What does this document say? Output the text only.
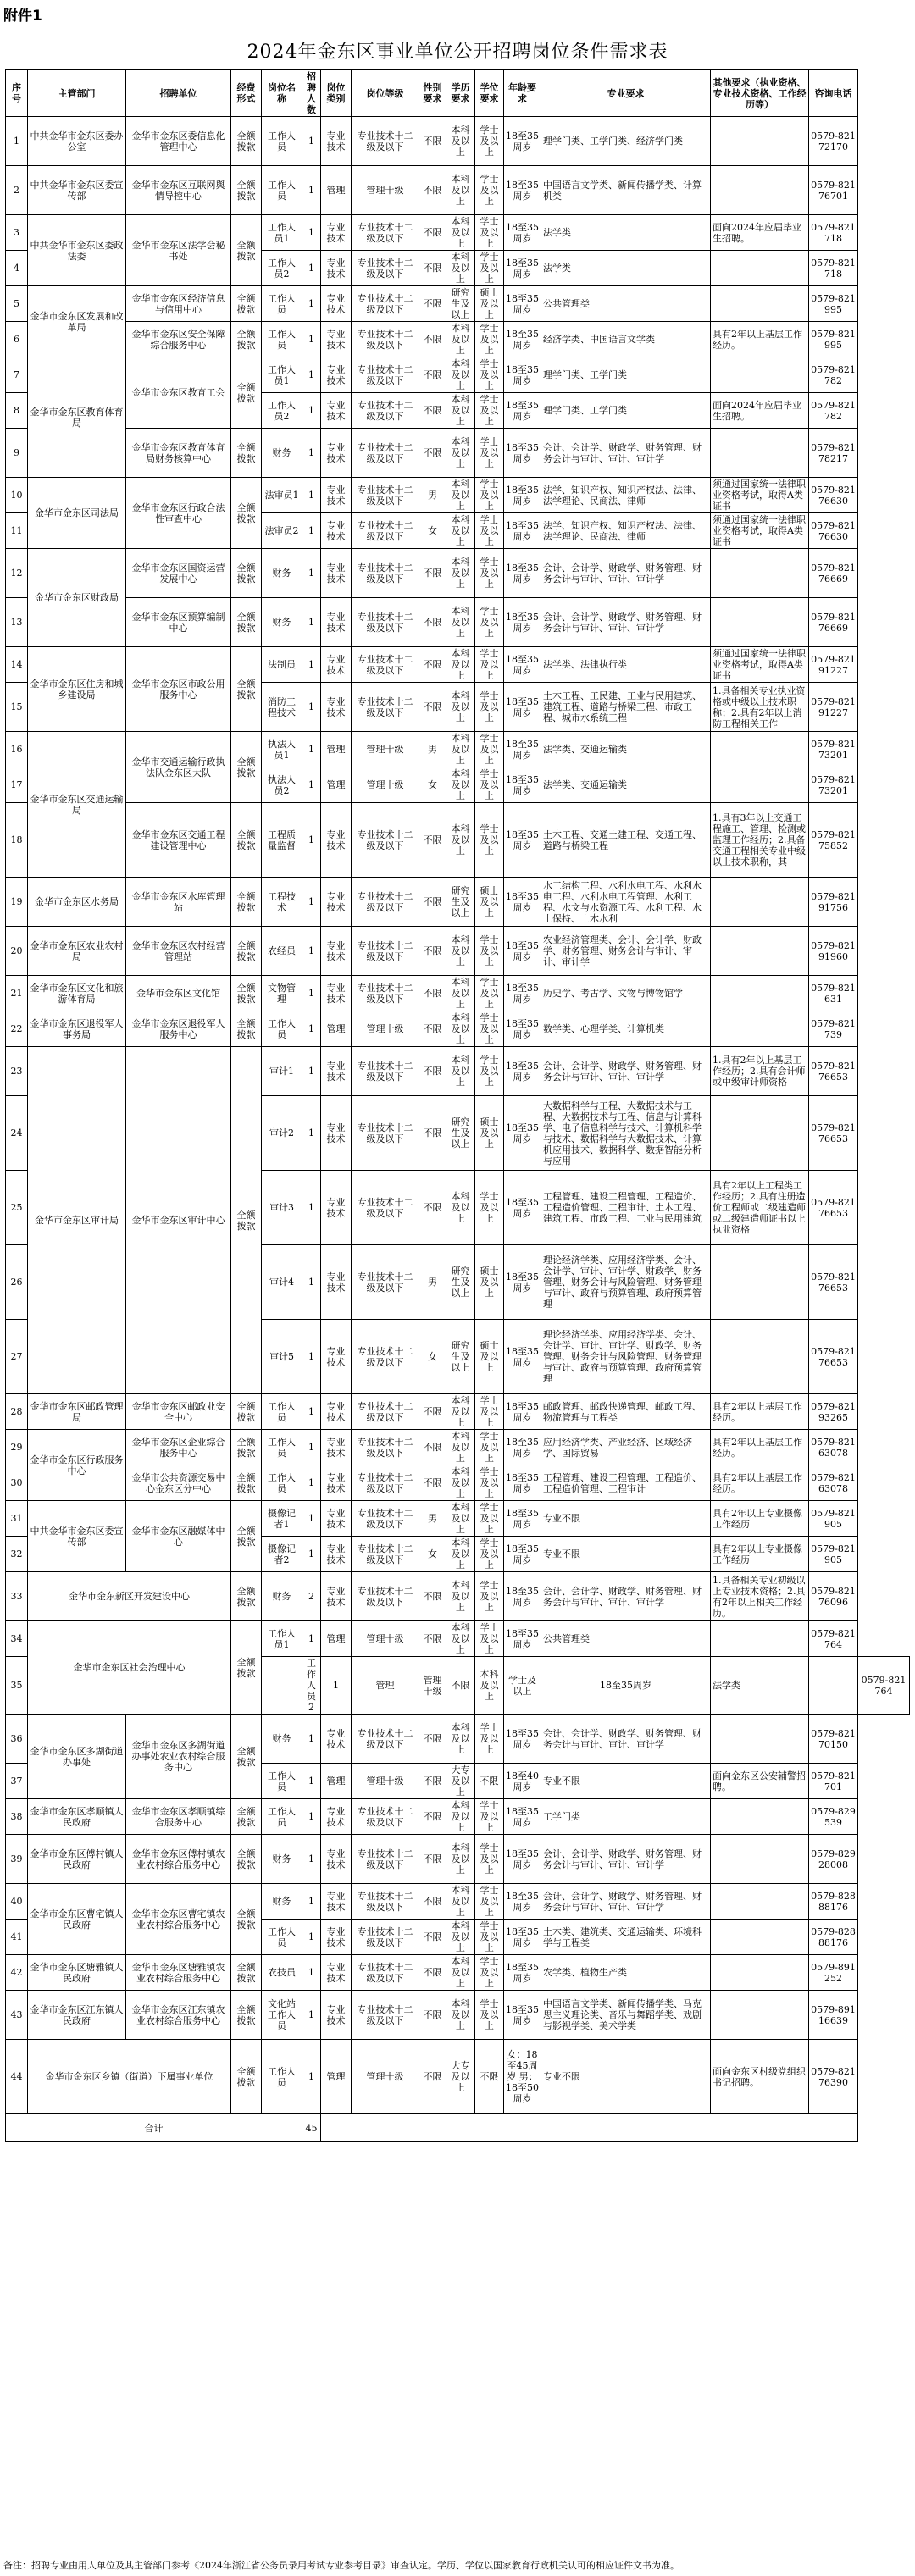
附件1
2024年金东区事业单位公开招聘岗位条件需求表
序号	主管部门	招聘单位	经费形式	岗位名称	招聘人数	岗位类别	岗位等级	性别要求	学历要求	学位要求	年龄要求	专业要求	其他要求（执业资格、专业技术资格、工作经历等）	咨询电话	
1	中共金华市金东区委办公室	金华市金东区委信息化管理中心	全额拨款	工作人员	1	专业技术	专业技术十二级及以下	不限	本科及以上	学士及以上	18至35周岁	理学门类、工学门类、经济学门类		0579-82172170	
2	中共金华市金东区委宣传部	金华市金东区互联网舆情导控中心	全额拨款	工作人员	1	管理	管理十级	不限	本科及以上	学士及以上	18至35周岁	中国语言文学类、新闻传播学类、计算机类		0579-82176701	
3	中共金华市金东区委政法委	金华市金东区法学会秘书处	全额拨款	工作人员1	1	专业技术	专业技术十二级及以下	不限	本科及以上	学士及以上	18至35周岁	法学类	面向2024年应届毕业生招聘。	0579-821718	
4				工作人员2	1	专业技术	专业技术十二级及以下	不限	本科及以上	学士及以上	18至35周岁	法学类		0579-821718	
5	金华市金东区发展和改革局	金华市金东区经济信息与信用中心	全额拨款	工作人员	1	专业技术	专业技术十二级及以下	不限	研究生及以上	硕士及以上	18至35周岁	公共管理类		0579-821995	
6		金华市金东区安全保障综合服务中心	全额拨款	工作人员	1	专业技术	专业技术十二级及以下	不限	本科及以上	学士及以上	18至35周岁	经济学类、中国语言文学类	具有2年以上基层工作经历。	0579-821995	
7	金华市金东区教育体育局	金华市金东区教育工会	全额拨款	工作人员1	1	专业技术	专业技术十二级及以下	不限	本科及以上	学士及以上	18至35周岁	理学门类、工学门类		0579-821782	
8				工作人员2	1	专业技术	专业技术十二级及以下	不限	本科及以上	学士及以上	18至35周岁	理学门类、工学门类	面向2024年应届毕业生招聘。	0579-821782	
9		金华市金东区教育体育局财务核算中心	全额拨款	财务	1	专业技术	专业技术十二级及以下	不限	本科及以上	学士及以上	18至35周岁	会计、会计学、财政学、财务管理、财务会计与审计、审计、审计学		0579-82178217	
10	金华市金东区司法局	金华市金东区行政合法性审查中心	全额拨款	法审员1	1	专业技术	专业技术十二级及以下	男	本科及以上	学士及以上	18至35周岁	法学、知识产权、知识产权法、法律、法学理论、民商法、律师	须通过国家统一法律职业资格考试，取得A类证书	0579-82176630	
11				法审员2	1	专业技术	专业技术十二级及以下	女	本科及以上	学士及以上	18至35周岁	法学、知识产权、知识产权法、法律、法学理论、民商法、律师	须通过国家统一法律职业资格考试，取得A类证书	0579-82176630	
12	金华市金东区财政局	金华市金东区国资运营发展中心	全额拨款	财务	1	专业技术	专业技术十二级及以下	不限	本科及以上	学士及以上	18至35周岁	会计、会计学、财政学、财务管理、财务会计与审计、审计、审计学		0579-82176669	
13		金华市金东区预算编制中心	全额拨款	财务	1	专业技术	专业技术十二级及以下	不限	本科及以上	学士及以上	18至35周岁	会计、会计学、财政学、财务管理、财务会计与审计、审计、审计学		0579-82176669	
14	金华市金东区住房和城乡建设局	金华市金东区市政公用服务中心	全额拨款	法制员	1	专业技术	专业技术十二级及以下	不限	本科及以上	学士及以上	18至35周岁	法学类、法律执行类	须通过国家统一法律职业资格考试，取得A类证书	0579-82191227	
15				消防工程技术	1	专业技术	专业技术十二级及以下	不限	本科及以上	学士及以上	18至35周岁	土木工程、工民建、工业与民用建筑、建筑工程、道路与桥梁工程、市政工程、城市水系统工程	1.具备相关专业执业资格或中级以上技术职称；2.具有2年以上消防工程相关工作	0579-82191227	
16	金华市金东区交通运输局	金华市交通运输行政执法队金东区大队	全额拨款	执法人员1	1	管理	管理十级	男	本科及以上	学士及以上	18至35周岁	法学类、交通运输类		0579-82173201	
17				执法人员2	1	管理	管理十级	女	本科及以上	学士及以上	18至35周岁	法学类、交通运输类		0579-82173201	
18		金华市金东区交通工程建设管理中心	全额拨款	工程质量监督	1	专业技术	专业技术十二级及以下	不限	本科及以上	学士及以上	18至35周岁	土木工程、交通土建工程、交通工程、道路与桥梁工程	1.具有3年以上交通工程施工、管理、检测或监理工作经历；2.具备交通工程相关专业中级以上技术职称，其	0579-82175852	
19	金华市金东区水务局	金华市金东区水库管理站	全额拨款	工程技术	1	专业技术	专业技术十二级及以下	不限	研究生及以上	硕士及以上	18至35周岁	水工结构工程、水利水电工程、水利水电工程、水利水电工程管理、水利工程、水文与水资源工程、水利工程、水土保持、土木水利		0579-82191756	
20	金华市金东区农业农村局	金华市金东区农村经营管理站	全额拨款	农经员	1	专业技术	专业技术十二级及以下	不限	本科及以上	学士及以上	18至35周岁	农业经济管理类、会计、会计学、财政学、财务管理、财务会计与审计、审计、审计学		0579-82191960	
21	金华市金东区文化和旅游体育局	金华市金东区文化馆	全额拨款	文物管理	1	专业技术	专业技术十二级及以下	不限	本科及以上	学士及以上	18至35周岁	历史学、考古学、文物与博物馆学		0579-821631	
22	金华市金东区退役军人事务局	金华市金东区退役军人服务中心	全额拨款	工作人员	1	管理	管理十级	不限	本科及以上	学士及以上	18至35周岁	数学类、心理学类、计算机类		0579-821739	
23	金华市金东区审计局	金华市金东区审计中心	全额拨款	审计1	1	专业技术	专业技术十二级及以下	不限	本科及以上	学士及以上	18至35周岁	会计、会计学、财政学、财务管理、财务会计与审计、审计、审计学	1.具有2年以上基层工作经历；2.具有会计师或中级审计师资格	0579-82176653	
24				审计2	1	专业技术	专业技术十二级及以下	不限	研究生及以上	硕士及以上	18至35周岁	大数据科学与工程、大数据技术与工程、大数据技术与工程、信息与计算科学、电子信息科学与技术、计算机科学与技术、数据科学与大数据技术、计算机应用技术、数据科学、数据智能分析与应用		0579-82176653	
25				审计3	1	专业技术	专业技术十二级及以下	不限	本科及以上	学士及以上	18至35周岁	工程管理、建设工程管理、工程造价、工程造价管理、工程审计、土木工程、建筑工程、市政工程、工业与民用建筑	具有2年以上工程类工作经历；2.具有注册造价工程师或二级建造师或二级建造师证书以上执业资格	0579-82176653	
26				审计4	1	专业技术	专业技术十二级及以下	男	研究生及以上	硕士及以上	18至35周岁	理论经济学类、应用经济学类、会计、会计学、审计、审计学、财政学、财务管理、财务会计与风险管理、财务管理与审计、政府与预算管理、政府预算管理		0579-82176653	
27				审计5	1	专业技术	专业技术十二级及以下	女	研究生及以上	硕士及以上	18至35周岁	理论经济学类、应用经济学类、会计、会计学、审计、审计学、财政学、财务管理、财务会计与风险管理、财务管理与审计、政府与预算管理、政府预算管理		0579-82176653	
28	金华市金东区邮政管理局	金华市金东区邮政业安全中心	全额拨款	工作人员	1	专业技术	专业技术十二级及以下	不限	本科及以上	学士及以上	18至35周岁	邮政管理、邮政快递管理、邮政工程、物流管理与工程类	具有2年以上基层工作经历。	0579-82193265	
29	金华市金东区行政服务中心	金华市金东区企业综合服务中心	全额拨款	工作人员	1	专业技术	专业技术十二级及以下	不限	本科及以上	学士及以上	18至35周岁	应用经济学类、产业经济、区域经济学、国际贸易	具有2年以上基层工作经历。	0579-82163078	
30		金华市公共资源交易中心金东区分中心	全额拨款	工作人员	1	专业技术	专业技术十二级及以下	不限	本科及以上	学士及以上	18至35周岁	工程管理、建设工程管理、工程造价、工程造价管理、工程审计	具有2年以上基层工作经历。	0579-82163078	
31	中共金华市金东区委宣传部	金华市金东区融媒体中心	全额拨款	摄像记者1	1	专业技术	专业技术十二级及以下	男	本科及以上	学士及以上	18至35周岁	专业不限	具有2年以上专业摄像工作经历	0579-821905	
32				摄像记者2	1	专业技术	专业技术十二级及以下	女	本科及以上	学士及以上	18至35周岁	专业不限	具有2年以上专业摄像工作经历	0579-821905	
33	金华市金东新区开发建设中心		全额拨款	财务	2	专业技术	专业技术十二级及以下	不限	本科及以上	学士及以上	18至35周岁	会计、会计学、财政学、财务管理、财务会计与审计、审计、审计学	1.具备相关专业初级以上专业技术资格；2.具有2年以上相关工作经历。	0579-82176096	
34	金华市金东区社会治理中心		全额拨款	工作人员1	1	管理	管理十级	不限	本科及以上	学士及以上	18至35周岁	公共管理类		0579-821764	
35					工作人员2	1	管理	管理十级	不限	本科及以上	学士及以上	18至35周岁	法学类		0579-821764
36	金华市金东区多湖街道办事处	金华市金东区多湖街道办事处农业农村综合服务中心	全额拨款	财务	1	专业技术	专业技术十二级及以下	不限	本科及以上	学士及以上	18至35周岁	会计、会计学、财政学、财务管理、财务会计与审计、审计、审计学		0579-82170150	
37				工作人员	1	管理	管理十级	不限	大专及以上	不限	18至40周岁	专业不限	面向金东区公安辅警招聘。	0579-821701	
38	金华市金东区孝顺镇人民政府	金华市金东区孝顺镇综合服务中心	全额拨款	工作人员	1	专业技术	专业技术十二级及以下	不限	本科及以上	学士及以上	18至35周岁	工学门类		0579-829539	
39	金华市金东区傅村镇人民政府	金华市金东区傅村镇农业农村综合服务中心	全额拨款	财务	1	专业技术	专业技术十二级及以下	不限	本科及以上	学士及以上	18至35周岁	会计、会计学、财政学、财务管理、财务会计与审计、审计、审计学		0579-82928008	
40	金华市金东区曹宅镇人民政府	金华市金东区曹宅镇农业农村综合服务中心	全额拨款	财务	1	专业技术	专业技术十二级及以下	不限	本科及以上	学士及以上	18至35周岁	会计、会计学、财政学、财务管理、财务会计与审计、审计、审计学		0579-82888176	
41				工作人员	1	专业技术	专业技术十二级及以下	不限	本科及以上	学士及以上	18至35周岁	土木类、建筑类、交通运输类、环境科学与工程类		0579-82888176	
42	金华市金东区塘雅镇人民政府	金华市金东区塘雅镇农业农村综合服务中心	全额拨款	农技员	1	专业技术	专业技术十二级及以下	不限	本科及以上	学士及以上	18至35周岁	农学类、植物生产类		0579-891252	
43	金华市金东区江东镇人民政府	金华市金东区江东镇农业农村综合服务中心	全额拨款	文化站工作人员	1	专业技术	专业技术十二级及以下	不限	本科及以上	学士及以上	18至35周岁	中国语言文学类、新闻传播学类、马克思主义理论类、音乐与舞蹈学类、戏剧与影视学类、美术学类		0579-89116639	
44	金华市金东区乡镇（街道）下属事业单位		全额拨款	工作人员	1	管理	管理十级	不限	大专及以上	不限	女：18至45周岁 男：18至50周岁	专业不限	面向金东区村级党组织书记招聘。	0579-82176390	
合计					45										
备注：招聘专业由用人单位及其主管部门参考《2024年浙江省公务员录用考试专业参考目录》审查认定。学历、学位以国家教育行政机关认可的相应证件文书为准。
